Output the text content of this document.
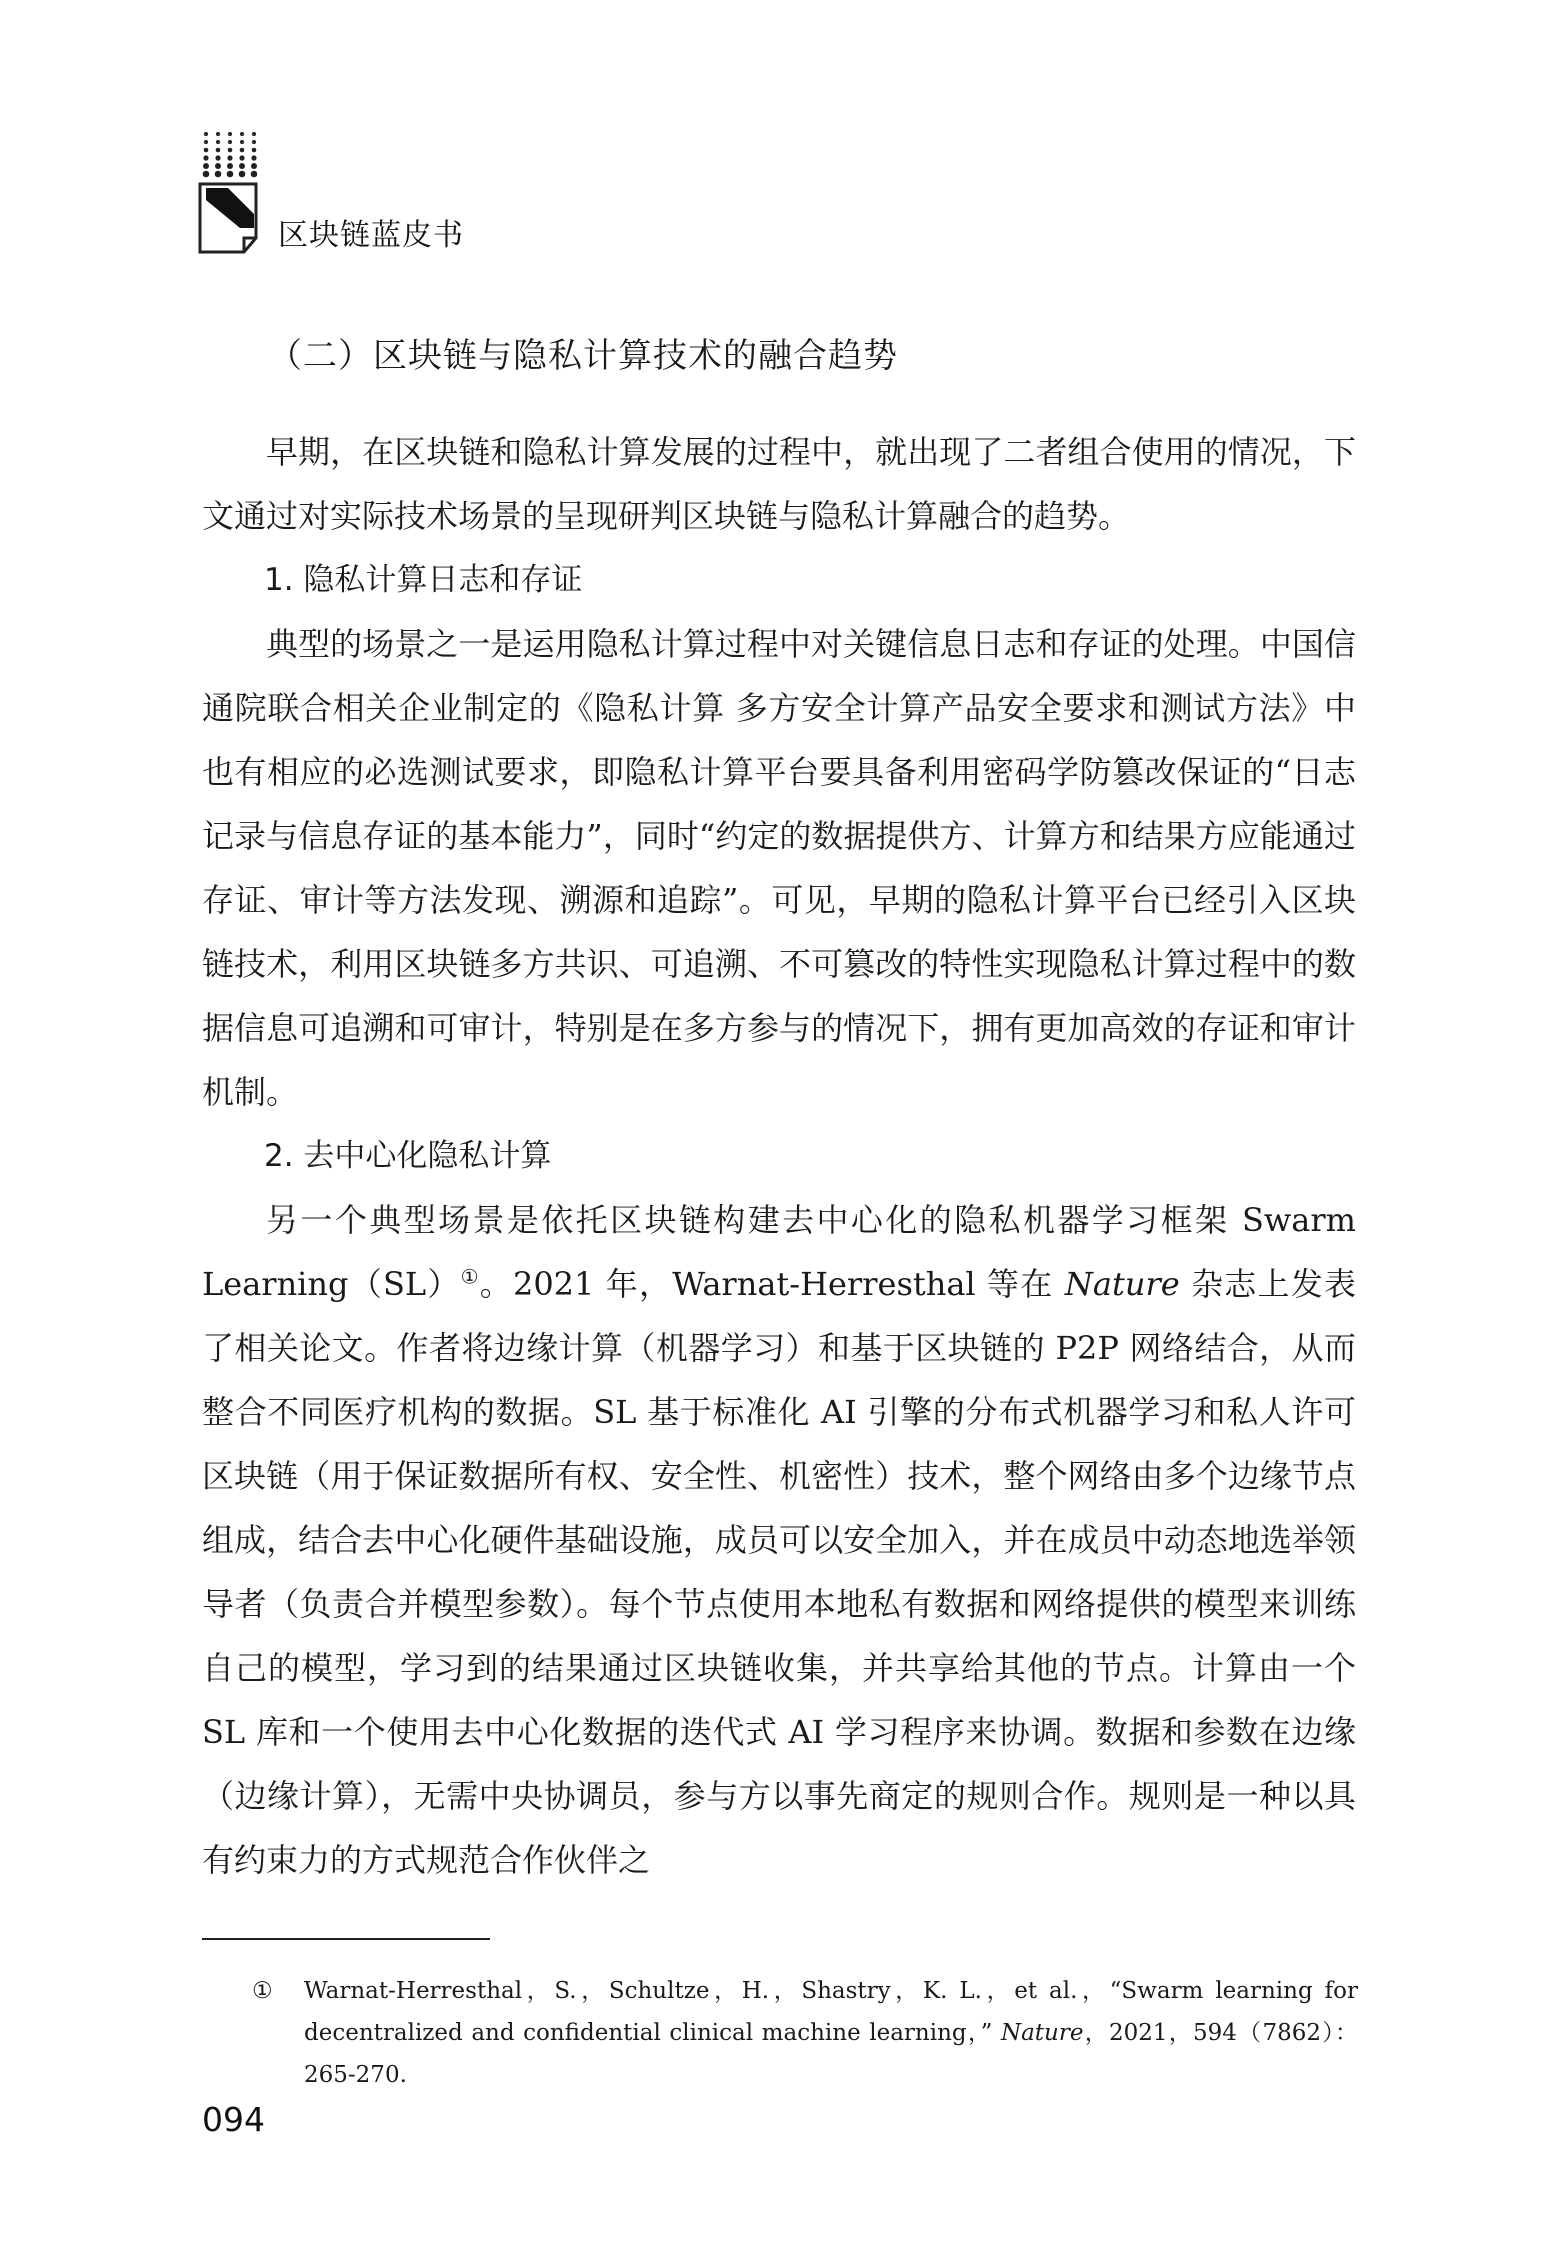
区块链蓝皮书
（二）区块链与隐私计算技术的融合趋势

早期，在区块链和隐私计算发展的过程中，就出现了二者组合使用的情况，下文通过对实际技术场景的呈现研判区块链与隐私计算融合的趋势。

1. 隐私计算日志和存证

典型的场景之一是运用隐私计算过程中对关键信息日志和存证的处理。中国信通院联合相关企业制定的《隐私计算 多方安全计算产品安全要求和测试方法》中也有相应的必选测试要求，即隐私计算平台要具备利用密码学防篡改保证的“日志记录与信息存证的基本能力”，同时“约定的数据提供方、计算方和结果方应能通过存证、审计等方法发现、溯源和追踪”。可见，早期的隐私计算平台已经引入区块链技术，利用区块链多方共识、可追溯、不可篡改的特性实现隐私计算过程中的数据信息可追溯和可审计，特别是在多方参与的情况下，拥有更加高效的存证和审计机制。

2. 去中心化隐私计算

另一个典型场景是依托区块链构建去中心化的隐私机器学习框架 Swarm Learning（SL）①。2021 年，Warnat-Herresthal 等在 Nature 杂志上发表了相关论文。作者将边缘计算（机器学习）和基于区块链的 P2P 网络结合，从而整合不同医疗机构的数据。SL 基于标准化 AI 引擎的分布式机器学习和私人许可区块链（用于保证数据所有权、安全性、机密性）技术，整个网络由多个边缘节点组成，结合去中心化硬件基础设施，成员可以安全加入，并在成员中动态地选举领导者（负责合并模型参数）。每个节点使用本地私有数据和网络提供的模型来训练自己的模型，学习到的结果通过区块链收集，并共享给其他的节点。计算由一个 SL 库和一个使用去中心化数据的迭代式 AI 学习程序来协调。数据和参数在边缘（边缘计算），无需中央协调员，参与方以事先商定的规则合作。规则是一种以具有约束力的方式规范合作伙伴之

①	Warnat-Herresthal，S.，Schultze，H.，Shastry，K. L.，et al.，“Swarm learning for decentralized and confidential clinical machine learning，” Nature，2021，594（7862）：265-270.
094
